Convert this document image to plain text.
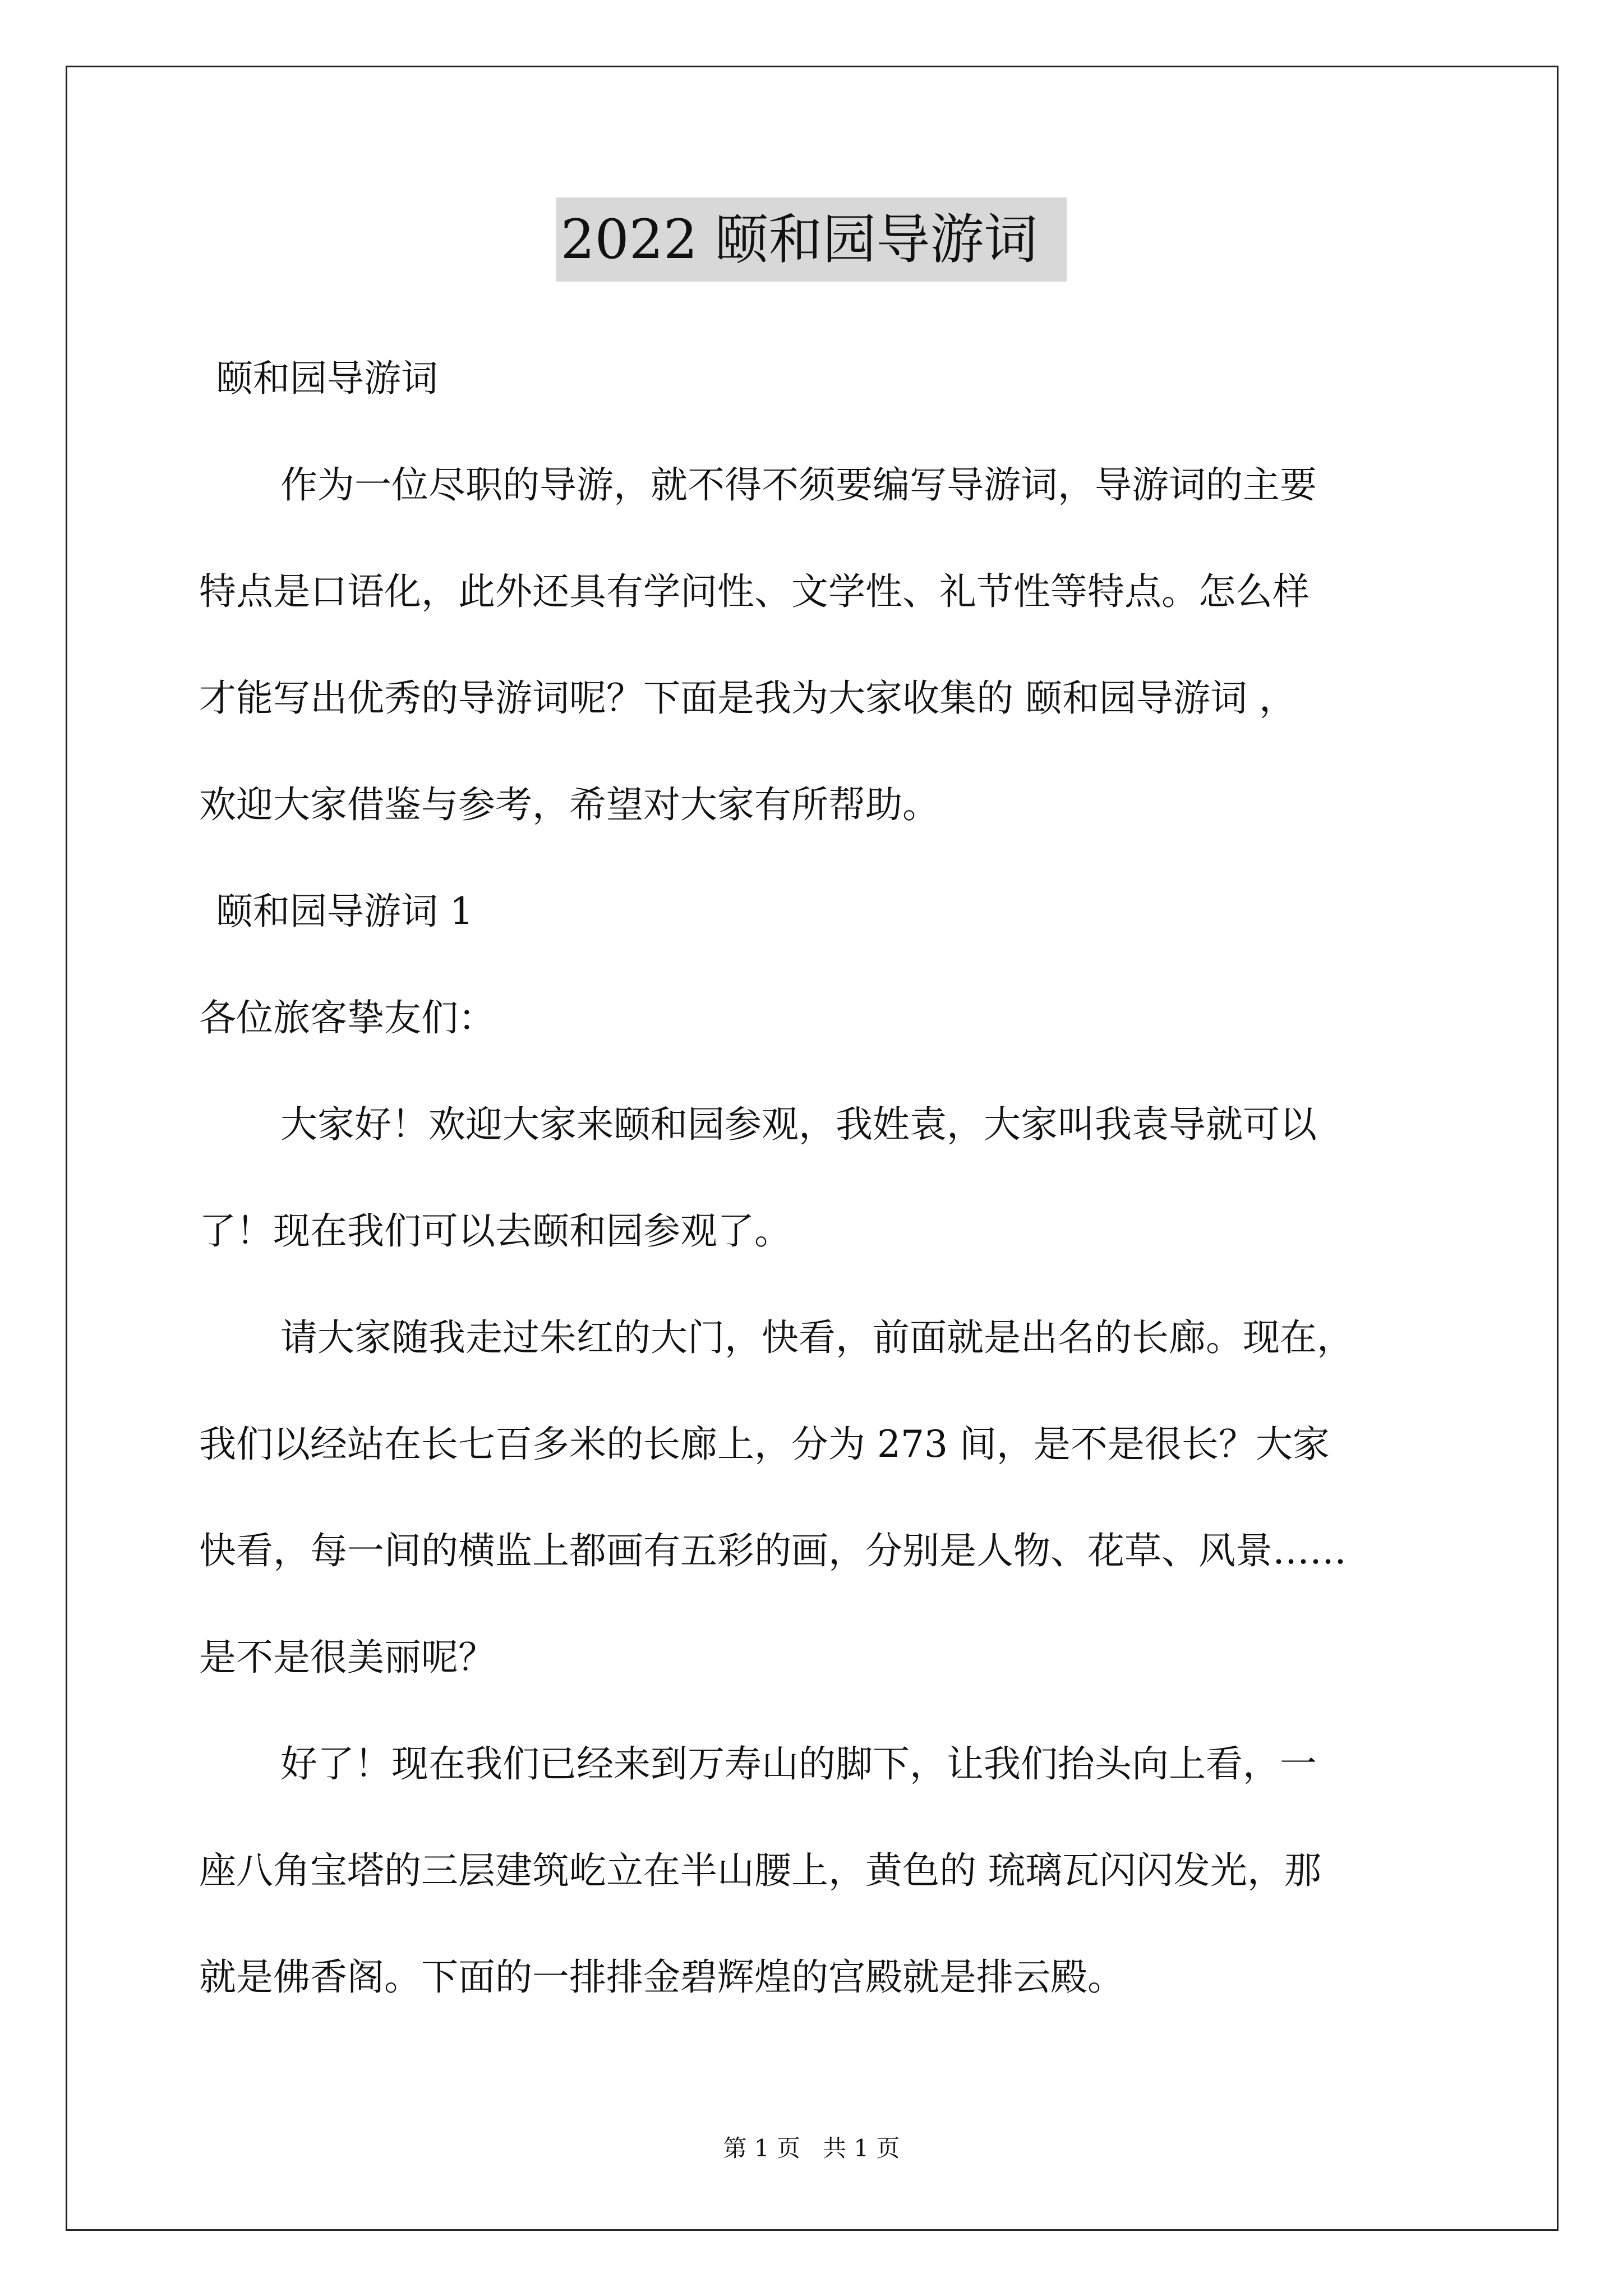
2022 颐和园导游词
颐和园导游词
作为一位尽职的导游，就不得不须要编写导游词，导游词的主要
特点是口语化，此外还具有学问性、文学性、礼节性等特点。怎么样
才能写出优秀的导游词呢？下面是我为大家收集的 颐和园导游词 ，
欢迎大家借鉴与参考，希望对大家有所帮助。
颐和园导游词 1
各位旅客挚友们：
大家好！欢迎大家来颐和园参观，我姓袁，大家叫我袁导就可以
了！现在我们可以去颐和园参观了。
请大家随我走过朱红的大门，快看，前面就是出名的长廊。现在，
我们以经站在长七百多米的长廊上，分为 273 间，是不是很长？大家
快看，每一间的横监上都画有五彩的画，分别是人物、花草、风景……
是不是很美丽呢？
好了！现在我们已经来到万寿山的脚下，让我们抬头向上看，一
座八角宝塔的三层建筑屹立在半山腰上，黄色的 琉璃瓦闪闪发光，那
就是佛香阁。下面的一排排金碧辉煌的宫殿就是排云殿。
第 1 页 共 1 页
